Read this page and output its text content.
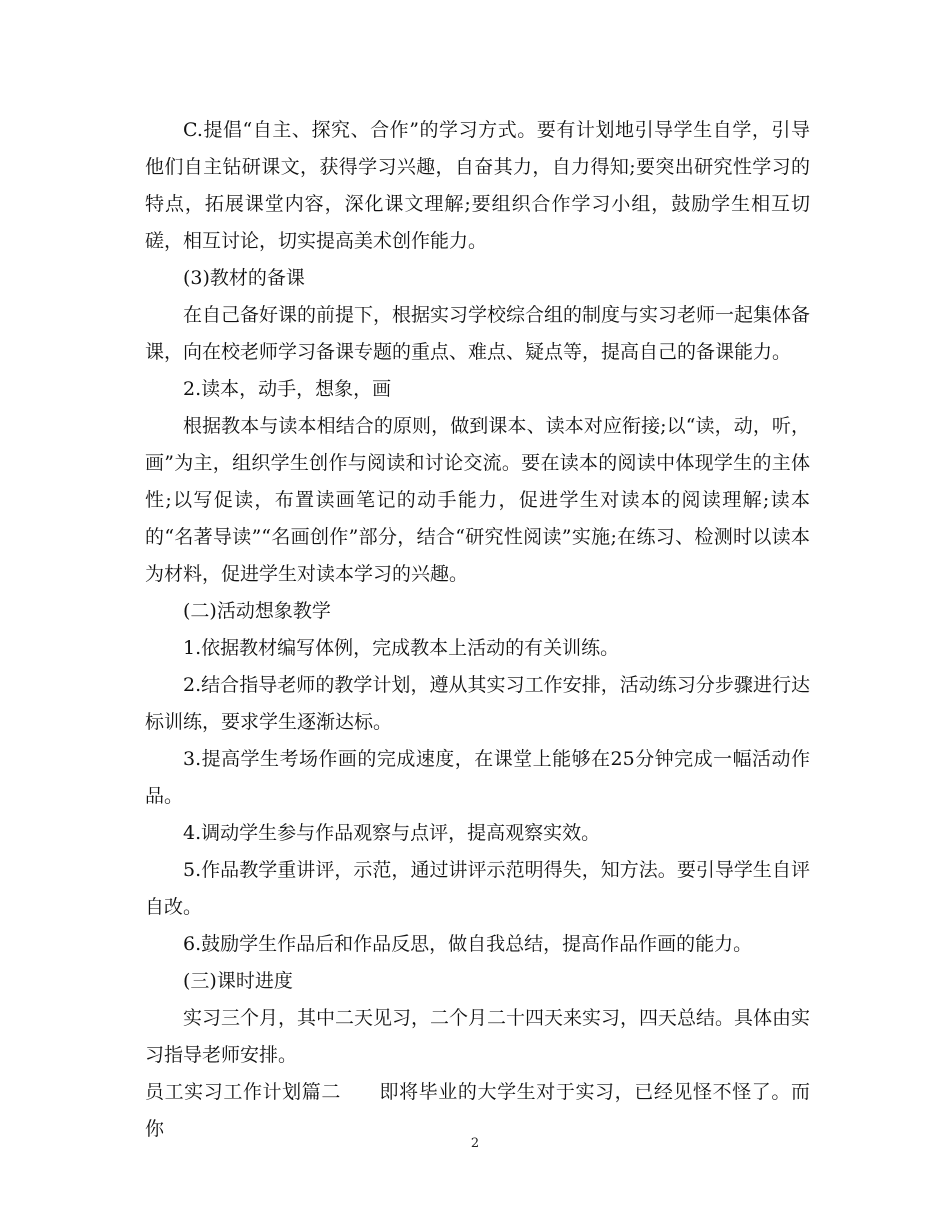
C.提倡“自主、探究、合作”的学习方式。要有计划地引导学生自学，引导他们自主钻研课文，获得学习兴趣，自奋其力，自力得知;要突出研究性学习的特点，拓展课堂内容，深化课文理解;要组织合作学习小组，鼓励学生相互切磋，相互讨论，切实提高美术创作能力。

(3)教材的备课

在自己备好课的前提下，根据实习学校综合组的制度与实习老师一起集体备课，向在校老师学习备课专题的重点、难点、疑点等，提高自己的备课能力。

2.读本，动手，想象，画

根据教本与读本相结合的原则，做到课本、读本对应衔接;以“读，动，听，画”为主，组织学生创作与阅读和讨论交流。要在读本的阅读中体现学生的主体性;以写促读，布置读画笔记的动手能力，促进学生对读本的阅读理解;读本的“名著导读”“名画创作”部分，结合“研究性阅读”实施;在练习、检测时以读本为材料，促进学生对读本学习的兴趣。

(二)活动想象教学

1.依据教材编写体例，完成教本上活动的有关训练。

2.结合指导老师的教学计划，遵从其实习工作安排，活动练习分步骤进行达标训练，要求学生逐渐达标。

3.提高学生考场作画的完成速度，在课堂上能够在25分钟完成一幅活动作品。

4.调动学生参与作品观察与点评，提高观察实效。

5.作品教学重讲评，示范，通过讲评示范明得失，知方法。要引导学生自评自改。

6.鼓励学生作品后和作品反思，做自我总结，提高作品作画的能力。

(三)课时进度

实习三个月，其中二天见习，二个月二十四天来实习，四天总结。具体由实习指导老师安排。

员工实习工作计划篇二 即将毕业的大学生对于实习，已经见怪不怪了。而你

2
